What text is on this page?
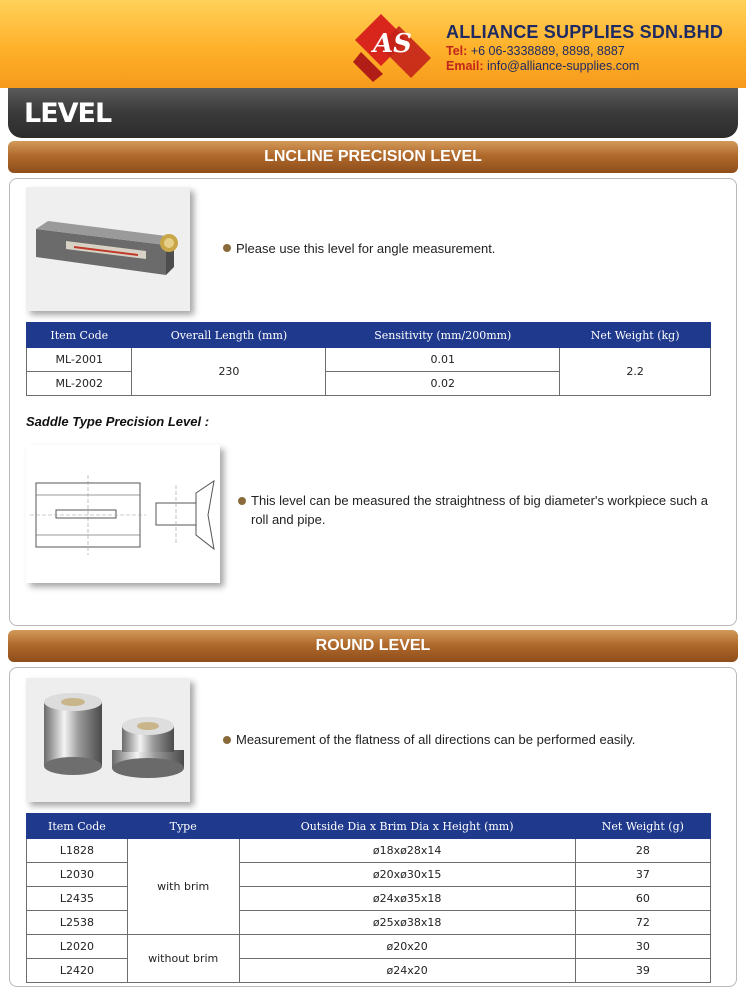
AS ALLIANCE SUPPLIES SDN.BHD
Tel: +6 06-3338889, 8898, 8887
Email: info@alliance-supplies.com
LEVEL
LNCLINE PRECISION LEVEL
Please use this level for angle measurement.
Item Code	Overall Length (mm)	Sensitivity (mm/200mm)	Net Weight (kg)
ML-2001	230	0.01	2.2
ML-2002		0.02	
Saddle Type Precision Level :
This level can be measured the straightness of big diameter's workpiece such a roll and pipe.
ROUND LEVEL
Measurement of the flatness of all directions can be performed easily.
Item Code	Type	Outside Dia x Brim Dia x Height (mm)	Net Weight (g)
L1828	with brim	ø18xø28x14	28
L2030		ø20xø30x15	37
L2435		ø24xø35x18	60
L2538		ø25xø38x18	72
L2020	without brim	ø20x20	30
L2420		ø24x20	39
